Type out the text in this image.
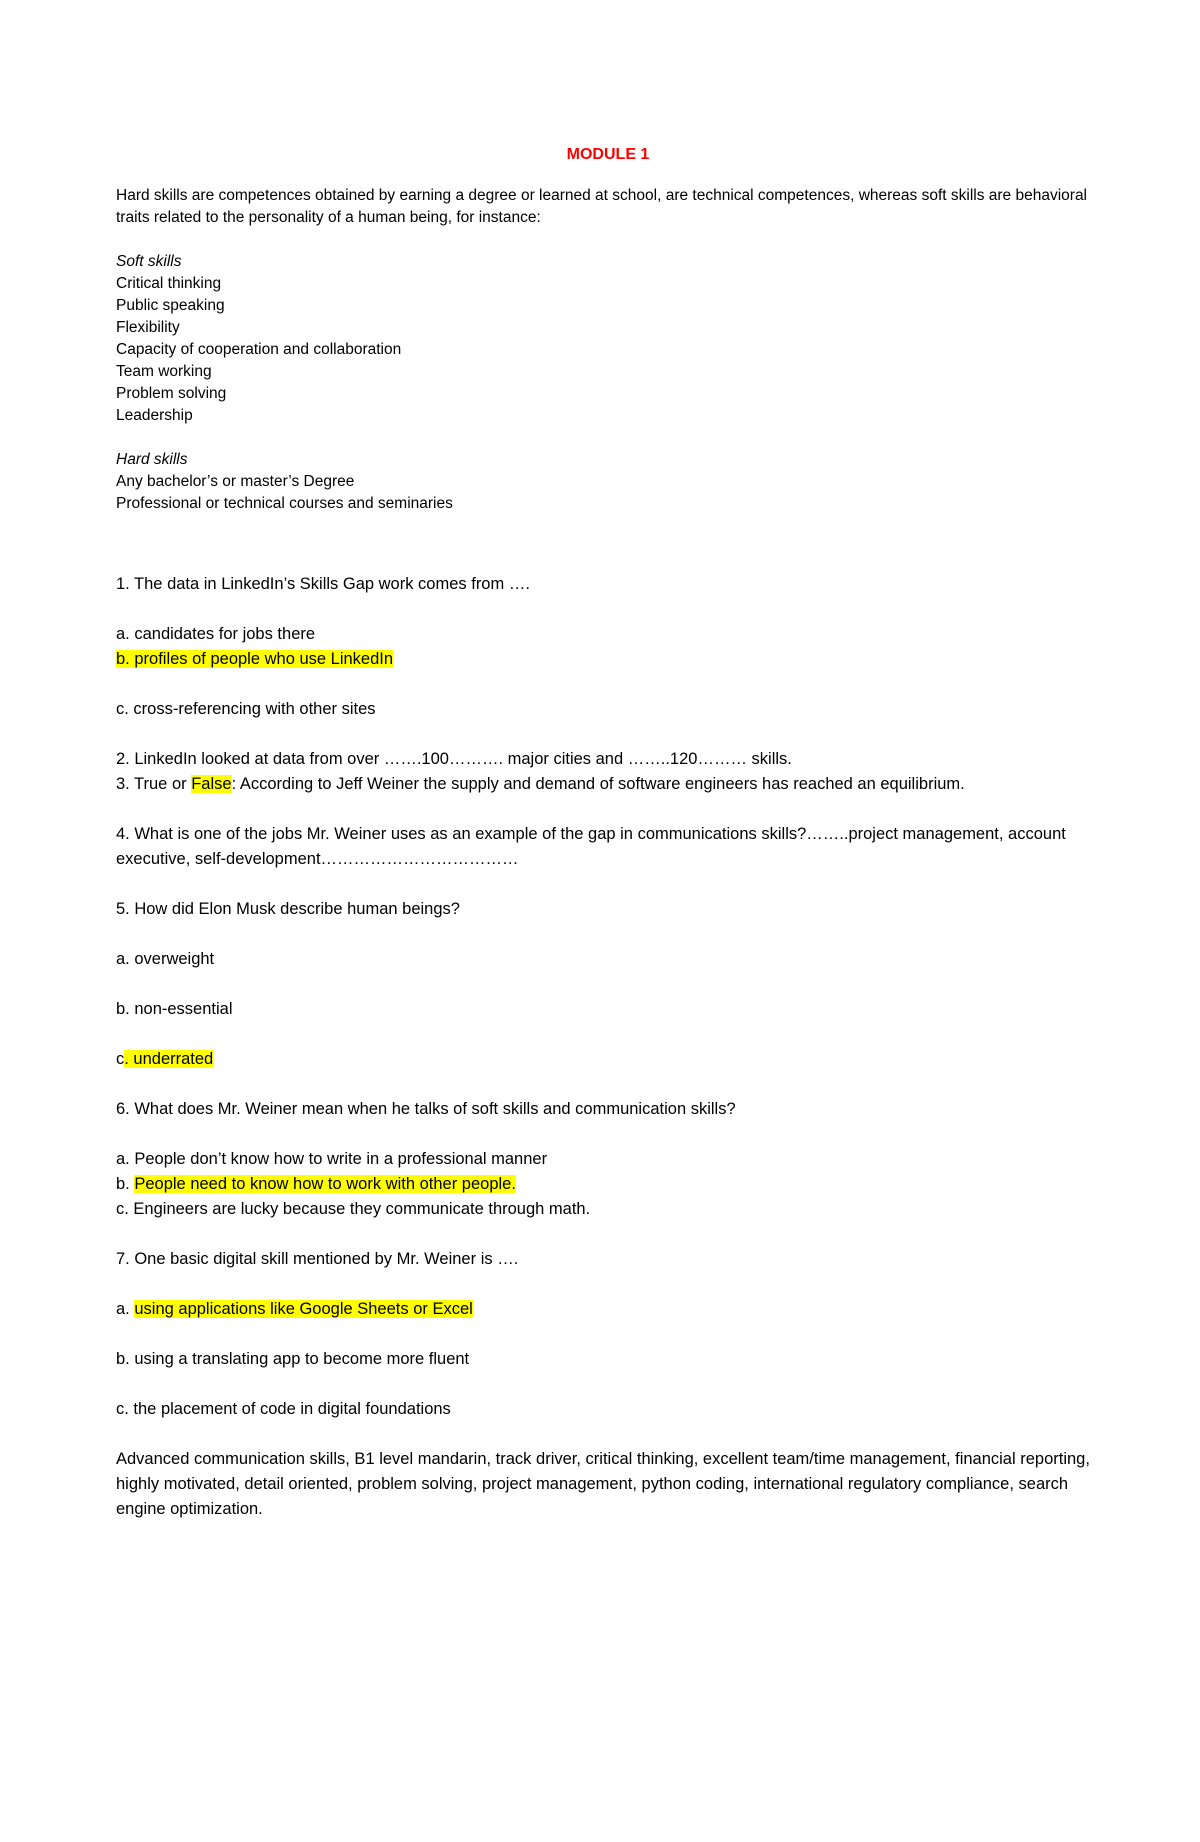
MODULE 1

Hard skills are competences obtained by earning a degree or learned at school, are technical competences, whereas soft skills are behavioral traits related to the personality of a human being, for instance:

Soft skills
Critical thinking
Public speaking
Flexibility
Capacity of cooperation and collaboration
Team working
Problem solving
Leadership
Hard skills
Any bachelor’s or master’s Degree
Professional or technical courses and seminaries

1. The data in LinkedIn’s Skills Gap work comes from ….

a. candidates for jobs there

b. profiles of people who use LinkedIn

c. cross-referencing with other sites

2. LinkedIn looked at data from over …….100………. major cities and ……..120……… skills.

3. True or False: According to Jeff Weiner the supply and demand of software engineers has reached an equilibrium.

4. What is one of the jobs Mr. Weiner uses as an example of the gap in communications skills?……..project management, account executive, self-development………………………………

5. How did Elon Musk describe human beings?

a. overweight

b. non-essential

c. underrated

6. What does Mr. Weiner mean when he talks of soft skills and communication skills?

a. People don’t know how to write in a professional manner

b. People need to know how to work with other people.

c. Engineers are lucky because they communicate through math.

7. One basic digital skill mentioned by Mr. Weiner is ….

a. using applications like Google Sheets or Excel

b. using a translating app to become more fluent

c. the placement of code in digital foundations

Advanced communication skills, B1 level mandarin, track driver, critical thinking, excellent team/time management, financial reporting, highly motivated, detail oriented, problem solving, project management, python coding, international regulatory compliance, search engine optimization.
